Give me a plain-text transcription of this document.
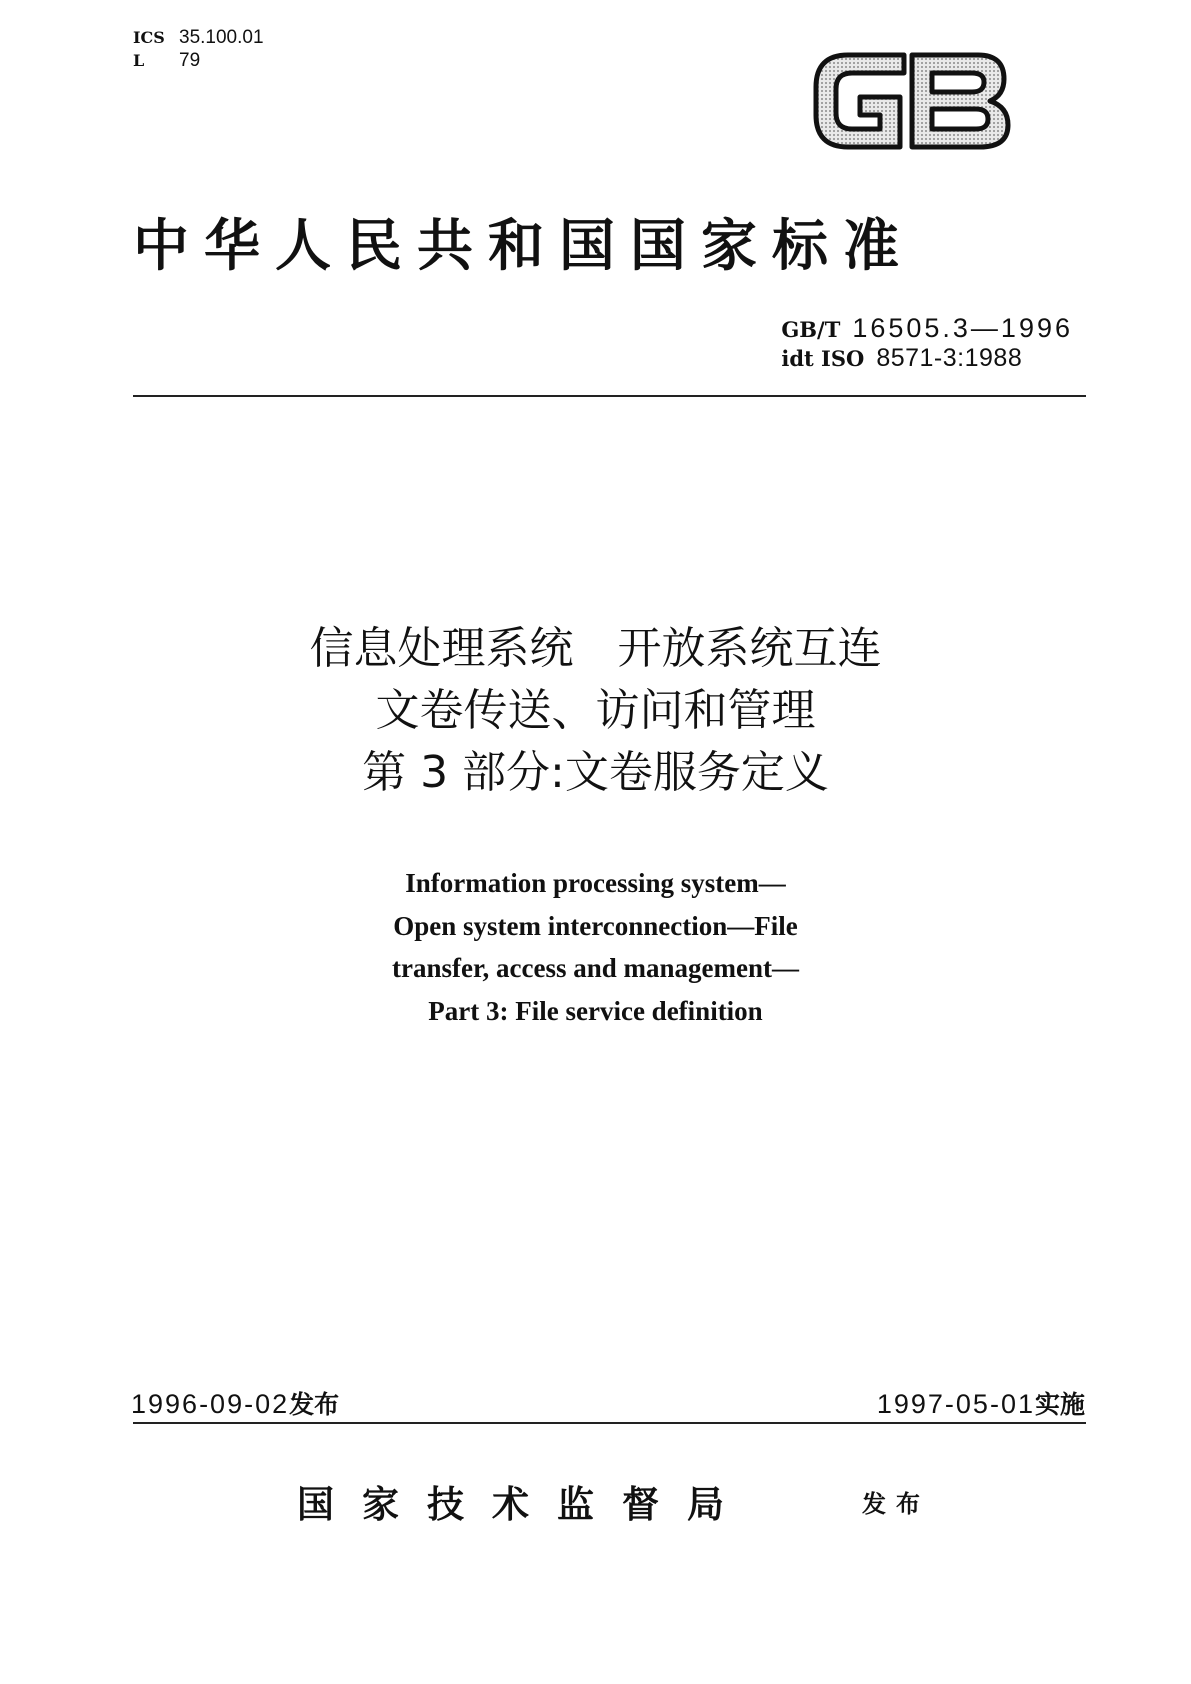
ICS 35.100.01
L	79
中华人民共和国国家标准
GB/T 16505.3—1996
idt ISO 8571-3:1988
信息处理系统　开放系统互连
文卷传送、访问和管理
第 3 部分:文卷服务定义
Information processing system—
Open system interconnection—File
transfer, access and management—
Part 3: File service definition
1996-09-02发布	1997-05-01实施
国家技术监督局	发布
